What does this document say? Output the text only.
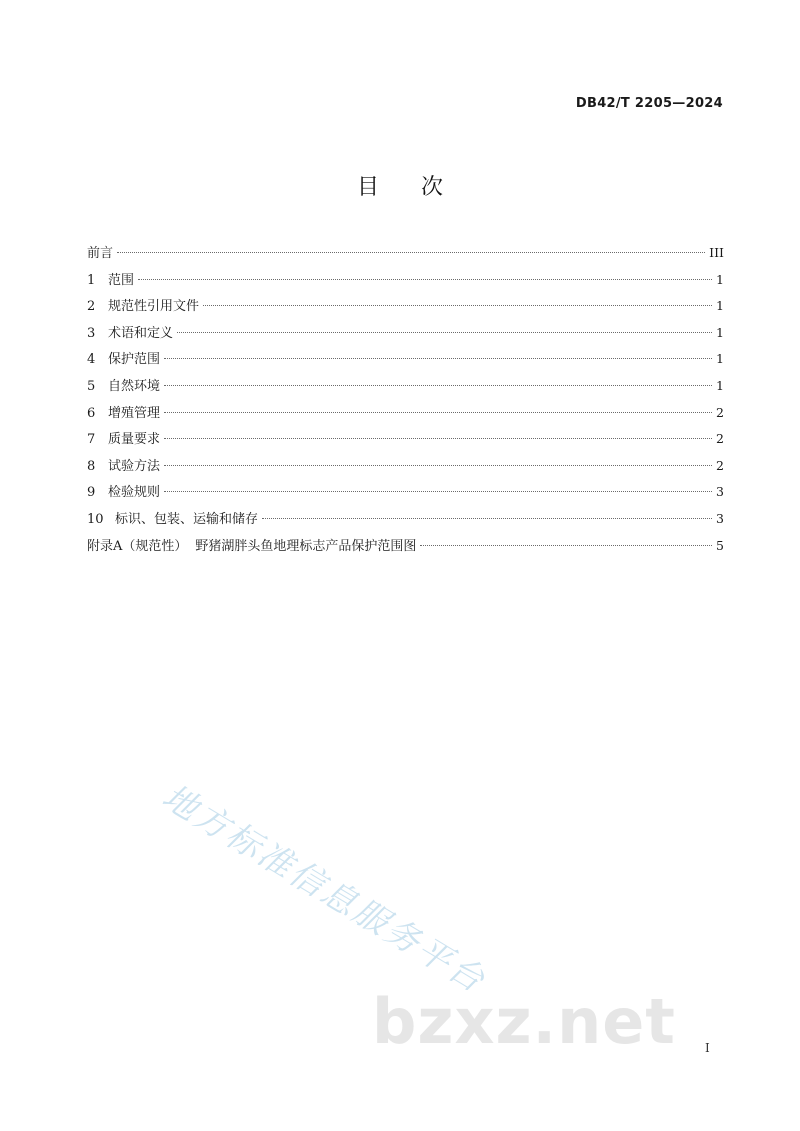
DB42/T 2205—2024
目次
前言	III
1 范围	1
2 规范性引用文件	1
3 术语和定义	1
4 保护范围	1
5 自然环境	1
6 增殖管理	2
7 质量要求	2
8 试验方法	2
9 检验规则	3
10 标识、包装、运输和储存	3
附录A（规范性） 野猪湖胖头鱼地理标志产品保护范围图	5
地方标准信息服务平台
bzxz.net I
